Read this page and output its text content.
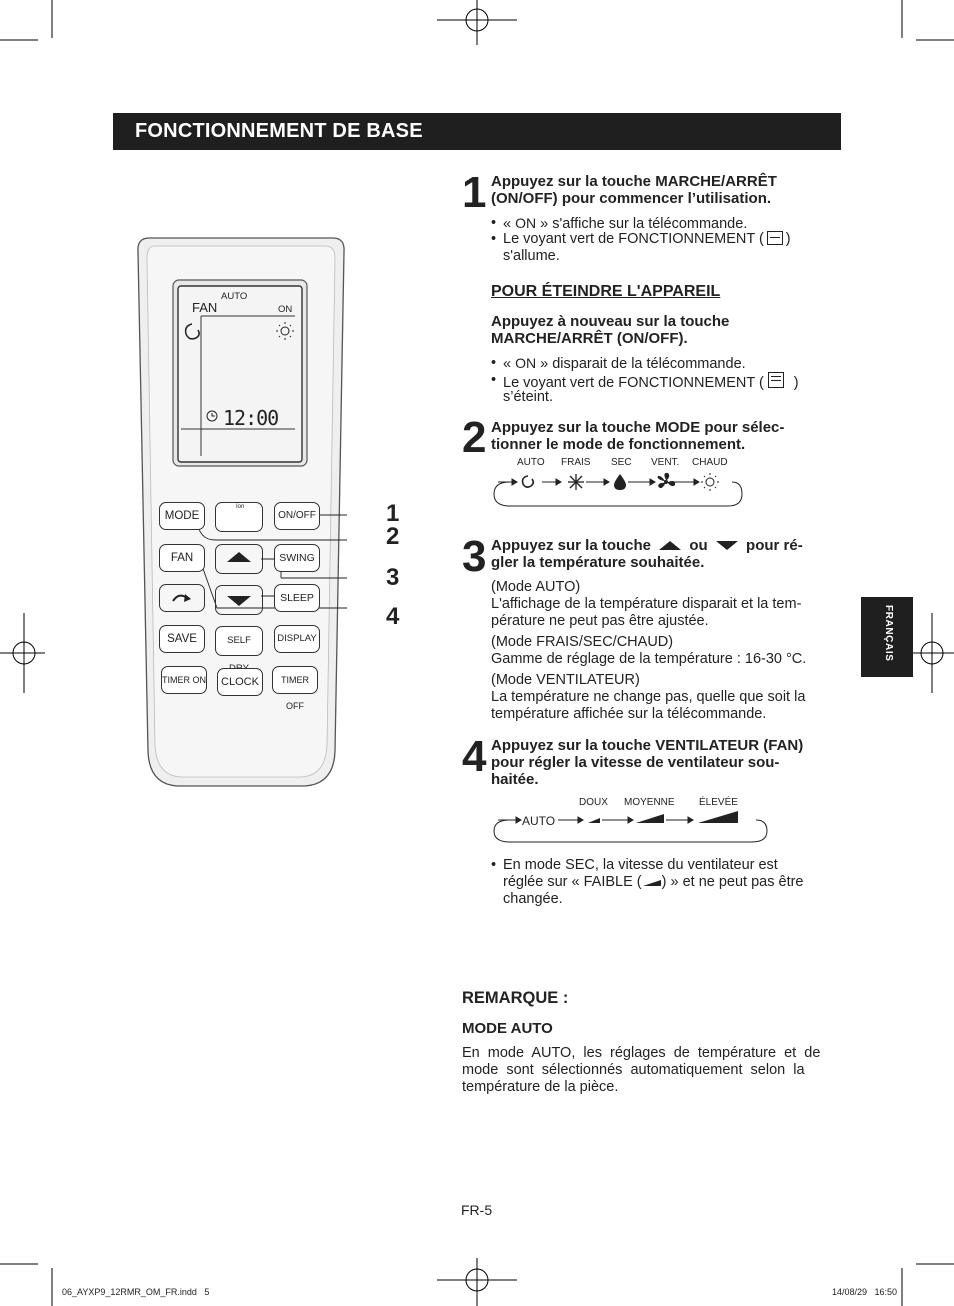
FONCTIONNEMENT DE BASE
FRANÇAIS
AUTO
FAN	ON
12:00
MODE
Ion
ON/OFF
FAN	SWING
SLEEP
SAVE	SELF	DISPLAY
TIMER ON	CLOCK	TIMER OFF
1
2
3
4
1 Appuyez sur la touche MARCHE/ARRÊT
(ON/OFF) pour commencer l’utilisation.
• « ON » s'affiche sur la télécommande.
• Le voyant vert de FONCTIONNEMENT ( )
s'allume.
POUR ÉTEINDRE L'APPAREIL
Appuyez à nouveau sur la touche
MARCHE/ARRÊT (ON/OFF).
• « ON » disparait de la télécommande.
• Le voyant vert de FONCTIONNEMENT ( )
s’éteint.
2 Appuyez sur la touche MODE pour sélec-
tionner le mode de fonctionnement.
AUTO FRAIS SEC VENT. CHAUD
3 Appuyez sur la touche	ou	pour ré-
gler la température souhaitée.
(Mode AUTO)
L'affichage de la température disparait et la tem-
pérature ne peut pas être ajustée.
(Mode FRAIS/SEC/CHAUD)
Gamme de réglage de la température : 16-30 °C.
(Mode VENTILATEUR)
La température ne change pas, quelle que soit la
température affichée sur la télécommande.
4 Appuyez sur la touche VENTILATEUR (FAN)
pour régler la vitesse de ventilateur sou-
haitée.
DOUX MOYENNE ÉLEVÉE
AUTO
• En mode SEC, la vitesse du ventilateur est
réglée sur « FAIBLE ( ) » et ne peut pas être
changée.
REMARQUE :
MODE AUTO
En  mode  AUTO,  les  réglages  de  température  et  de
mode  sont  sélectionnés  automatiquement  selon  la
température de la pièce.
FR-5
06_AYXP9_12RMR_OM_FR.indd   5	14/08/29   16:50
